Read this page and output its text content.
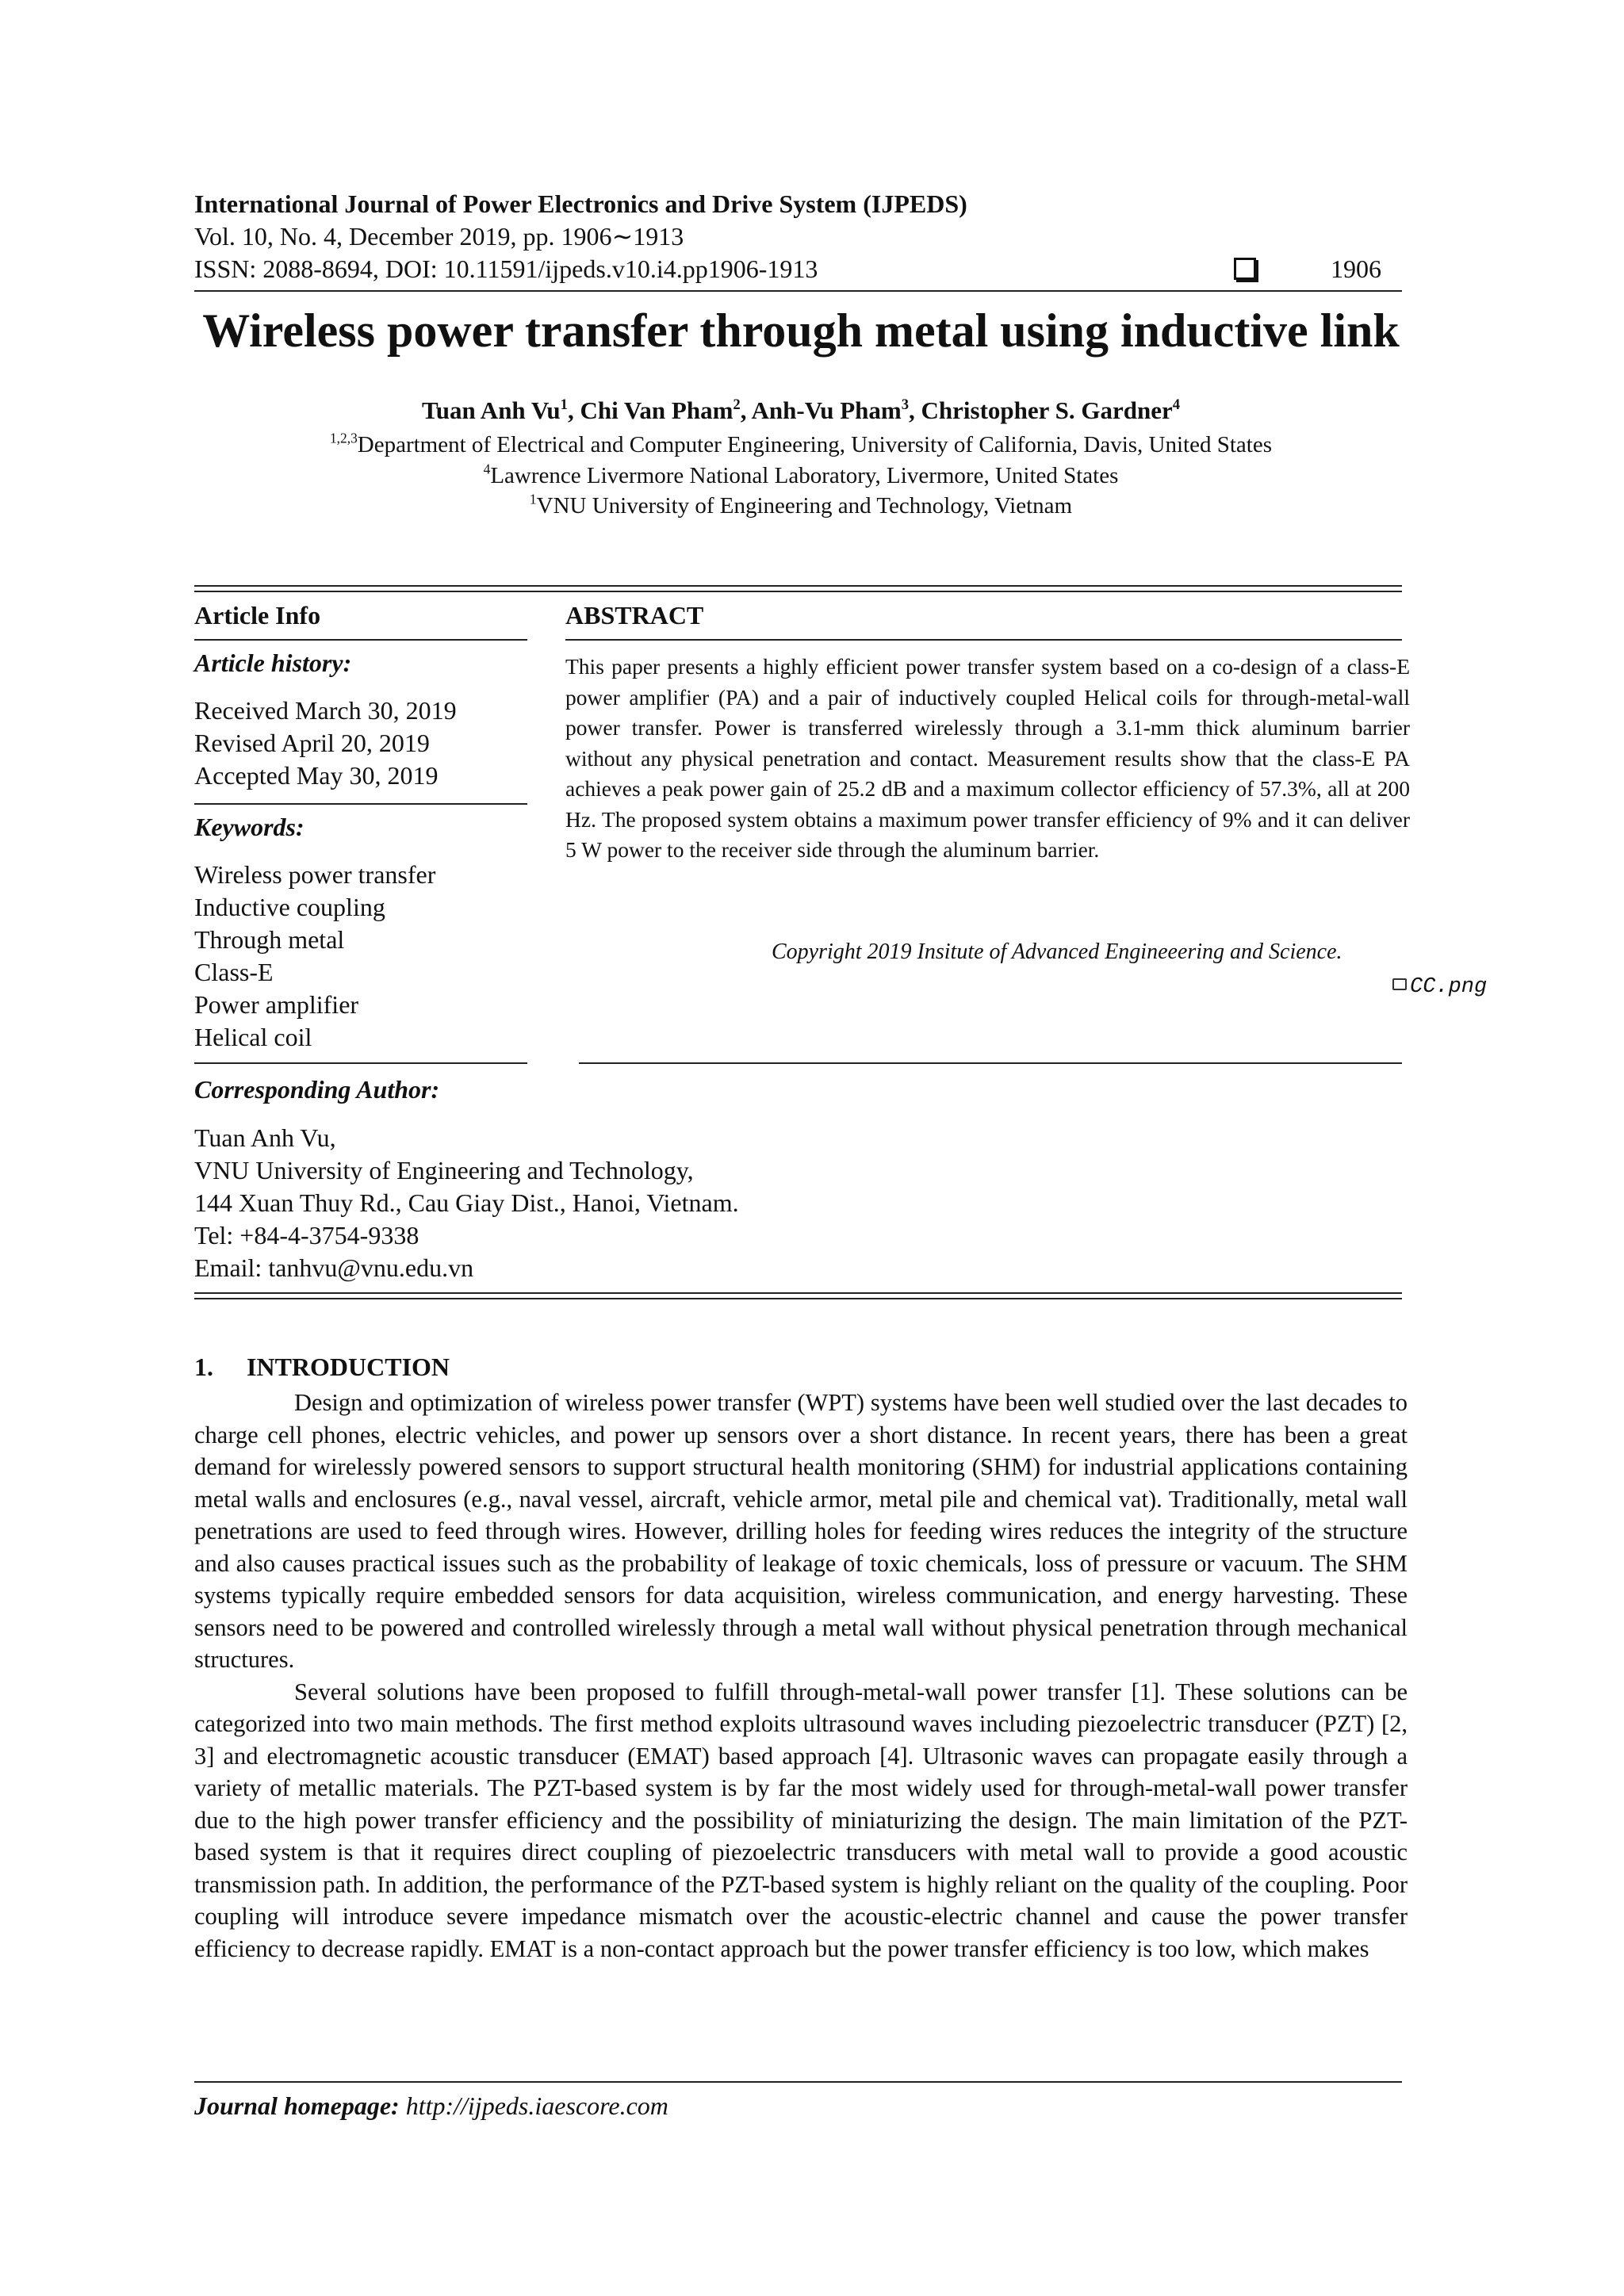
International Journal of Power Electronics and Drive System (IJPEDS)
Vol. 10, No. 4, December 2019, pp. 1906∼1913
ISSN: 2088-8694, DOI: 10.11591/ijpeds.v10.i4.pp1906-1913	1906
Wireless power transfer through metal using inductive link
Tuan Anh Vu$^1$, Chi Van Pham$^2$, Anh-Vu Pham$^3$, Christopher S. Gardner$^4$
$^{1,2,3}$Department of Electrical and Computer Engineering, University of California, Davis, United States
$^4$Lawrence Livermore National Laboratory, Livermore, United States
$^1$VNU University of Engineering and Technology, Vietnam
Article Info
Article history:
Received March 30, 2019
Revised April 20, 2019
Accepted May 30, 2019
Keywords:
Wireless power transfer
Inductive coupling
Through metal
Class-E
Power amplifier
Helical coil
ABSTRACT
This paper presents a highly efficient power transfer system based on a co-design of a class-E power amplifier (PA) and a pair of inductively coupled Helical coils for through-metal-wall power transfer. Power is transferred wirelessly through a 3.1-mm thick aluminum barrier without any physical penetration and contact. Measurement results show that the class-E PA achieves a peak power gain of 25.2 dB and a maximum collector efficiency of 57.3%, all at 200 Hz. The proposed system obtains a maximum power transfer efficiency of 9% and it can deliver 5 W power to the receiver side through the aluminum barrier.
Copyright 2019 Insitute of Advanced Engineeering and Science.
CC.png
Corresponding Author:
Tuan Anh Vu,
VNU University of Engineering and Technology,
144 Xuan Thuy Rd., Cau Giay Dist., Hanoi, Vietnam.
Tel: +84-4-3754-9338
Email: tanhvu@vnu.edu.vn
1. INTRODUCTION

Design and optimization of wireless power transfer (WPT) systems have been well studied over the last decades to charge cell phones, electric vehicles, and power up sensors over a short distance. In recent years, there has been a great demand for wirelessly powered sensors to support structural health monitoring (SHM) for industrial applications containing metal walls and enclosures (e.g., naval vessel, aircraft, vehicle armor, metal pile and chemical vat). Traditionally, metal wall penetrations are used to feed through wires. However, drilling holes for feeding wires reduces the integrity of the structure and also causes practical issues such as the probability of leakage of toxic chemicals, loss of pressure or vacuum. The SHM systems typically require embedded sensors for data acquisition, wireless communication, and energy harvesting. These sensors need to be powered and controlled wirelessly through a metal wall without physical penetration through mechanical structures.

Several solutions have been proposed to fulfill through-metal-wall power transfer [1]. These solutions can be categorized into two main methods. The first method exploits ultrasound waves including piezoelectric transducer (PZT) [2, 3] and electromagnetic acoustic transducer (EMAT) based approach [4]. Ultrasonic waves can propagate easily through a variety of metallic materials. The PZT-based system is by far the most widely used for through-metal-wall power transfer due to the high power transfer efficiency and the possibility of miniaturizing the design. The main limitation of the PZT-based system is that it requires direct coupling of piezoelectric transducers with metal wall to provide a good acoustic transmission path. In addition, the performance of the PZT-based system is highly reliant on the quality of the coupling. Poor coupling will introduce severe impedance mismatch over the acoustic-electric channel and cause the power transfer efficiency to decrease rapidly. EMAT is a non-contact approach but the power transfer efficiency is too low, which makes

Journal homepage: http://ijpeds.iaescore.com
